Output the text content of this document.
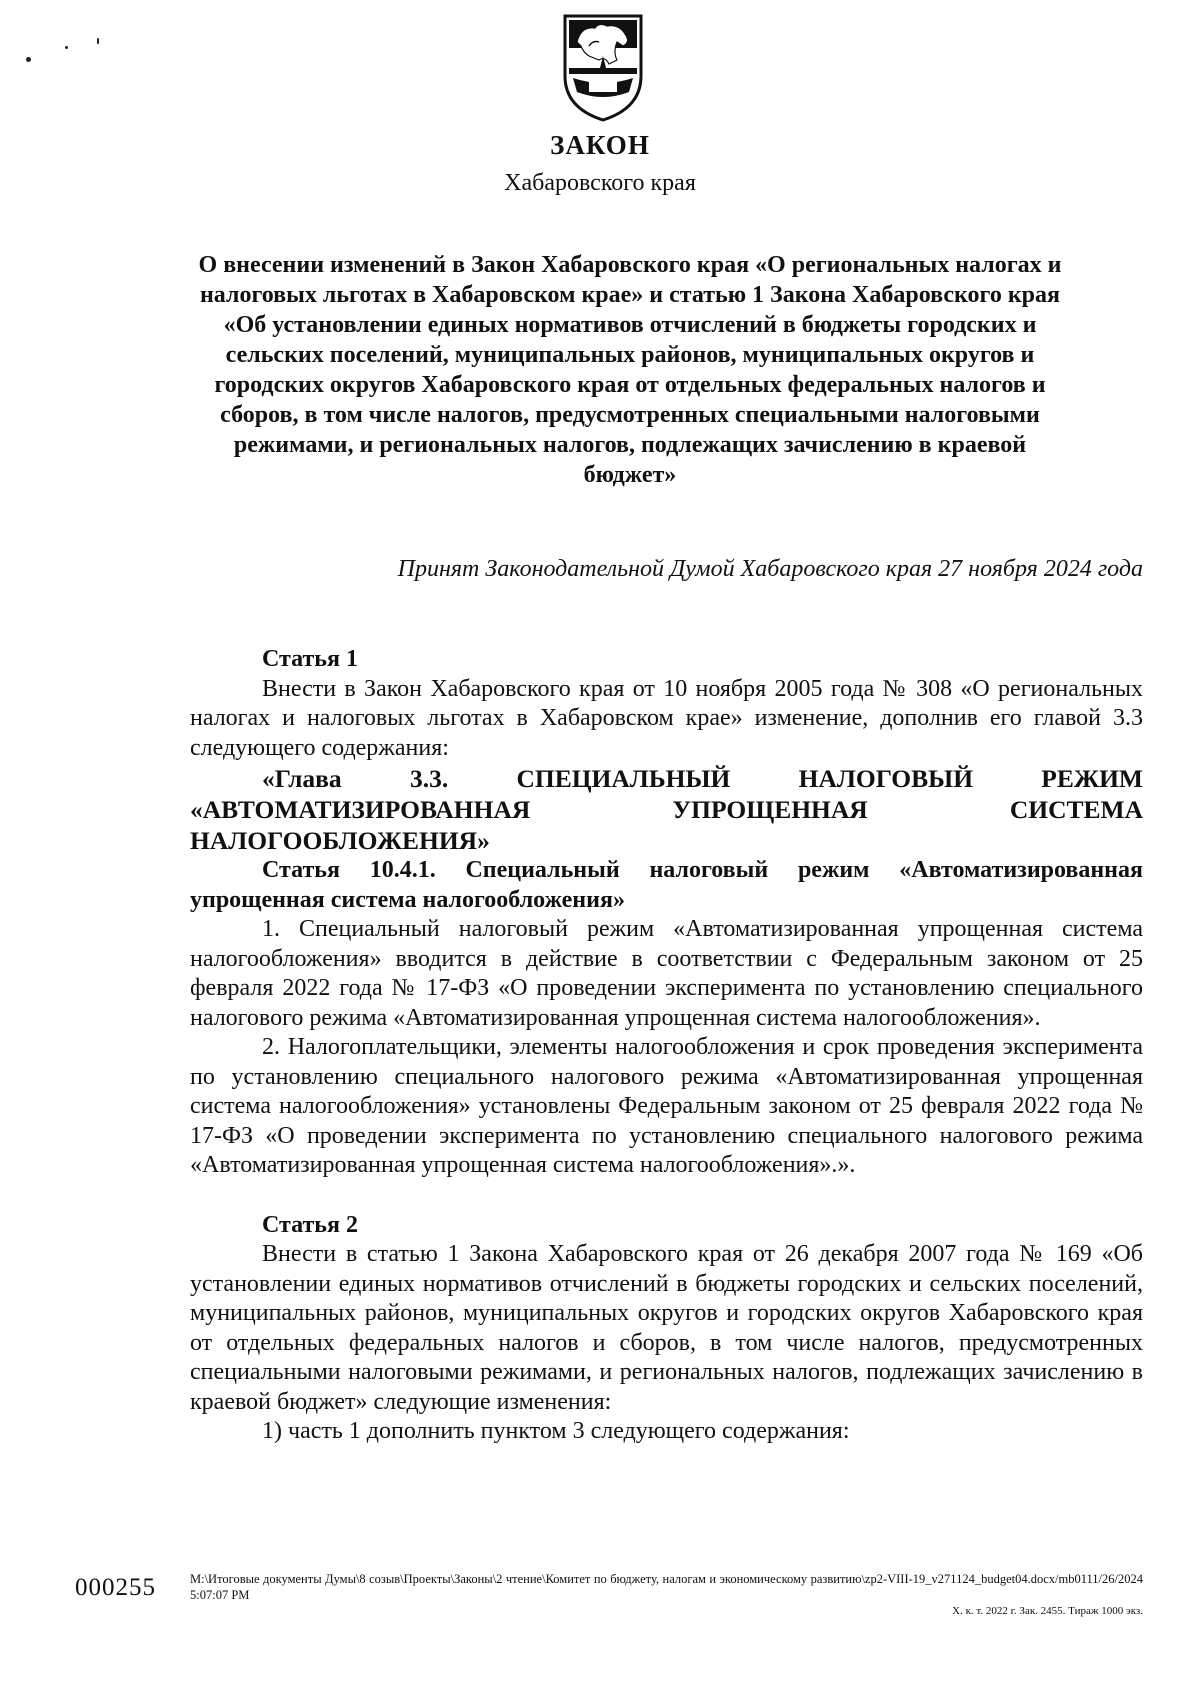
ЗАКОН
Хабаровского края
О внесении изменений в Закон Хабаровского края «О региональных налогах и налоговых льготах в Хабаровском крае» и статью 1 Закона Хабаровского края «Об установлении единых нормативов отчислений в бюджеты городских и сельских поселений, муниципальных районов, муниципальных округов и городских округов Хабаровского края от отдельных федеральных налогов и сборов, в том числе налогов, предусмотренных специальными налоговыми режимами, и региональных налогов, подлежащих зачислению в краевой бюджет»
Принят Законодательной Думой Хабаровского края 27 ноября 2024 года

Статья 1

Внести в Закон Хабаровского края от 10 ноября 2005 года № 308 «О региональных налогах и налоговых льготах в Хабаровском крае» изменение, дополнив его главой 3.3 следующего содержания:

«Глава 3.3. СПЕЦИАЛЬНЫЙ НАЛОГОВЫЙ РЕЖИМ «АВТОМАТИЗИРОВАННАЯ УПРОЩЕННАЯ СИСТЕМА

НАЛОГООБЛОЖЕНИЯ»

Статья 10.4.1. Специальный налоговый режим «Автоматизированная упрощенная система налогообложения»

1. Специальный налоговый режим «Автоматизированная упрощенная система налогообложения» вводится в действие в соответствии с Федеральным законом от 25 февраля 2022 года № 17-ФЗ «О проведении эксперимента по установлению специального налогового режима «Автоматизированная упрощенная система налогообложения».

2. Налогоплательщики, элементы налогообложения и срок проведения эксперимента по установлению специального налогового режима «Автоматизированная упрощенная система налогообложения» установлены Федеральным законом от 25 февраля 2022 года № 17-ФЗ «О проведении эксперимента по установлению специального налогового режима «Автоматизированная упрощенная система налогообложения».».

Статья 2

Внести в статью 1 Закона Хабаровского края от 26 декабря 2007 года № 169 «Об установлении единых нормативов отчислений в бюджеты городских и сельских поселений, муниципальных районов, муниципальных округов и городских округов Хабаровского края от отдельных федеральных налогов и сборов, в том числе налогов, предусмотренных специальными налоговыми режимами, и региональных налогов, подлежащих зачислению в краевой бюджет» следующие изменения:

1) часть 1 дополнить пунктом 3 следующего содержания:

000255	M:\Итоговые документы Думы\8 созыв\Проекты\Законы\2 чтение\Комитет по бюджету, налогам и экономическому развитию\zp2-VIII-19_v271124_budget04.docx/mb0111/26/2024 5:07:07 PM
Х. к. т. 2022 г. Зак. 2455. Тираж 1000 экз.
